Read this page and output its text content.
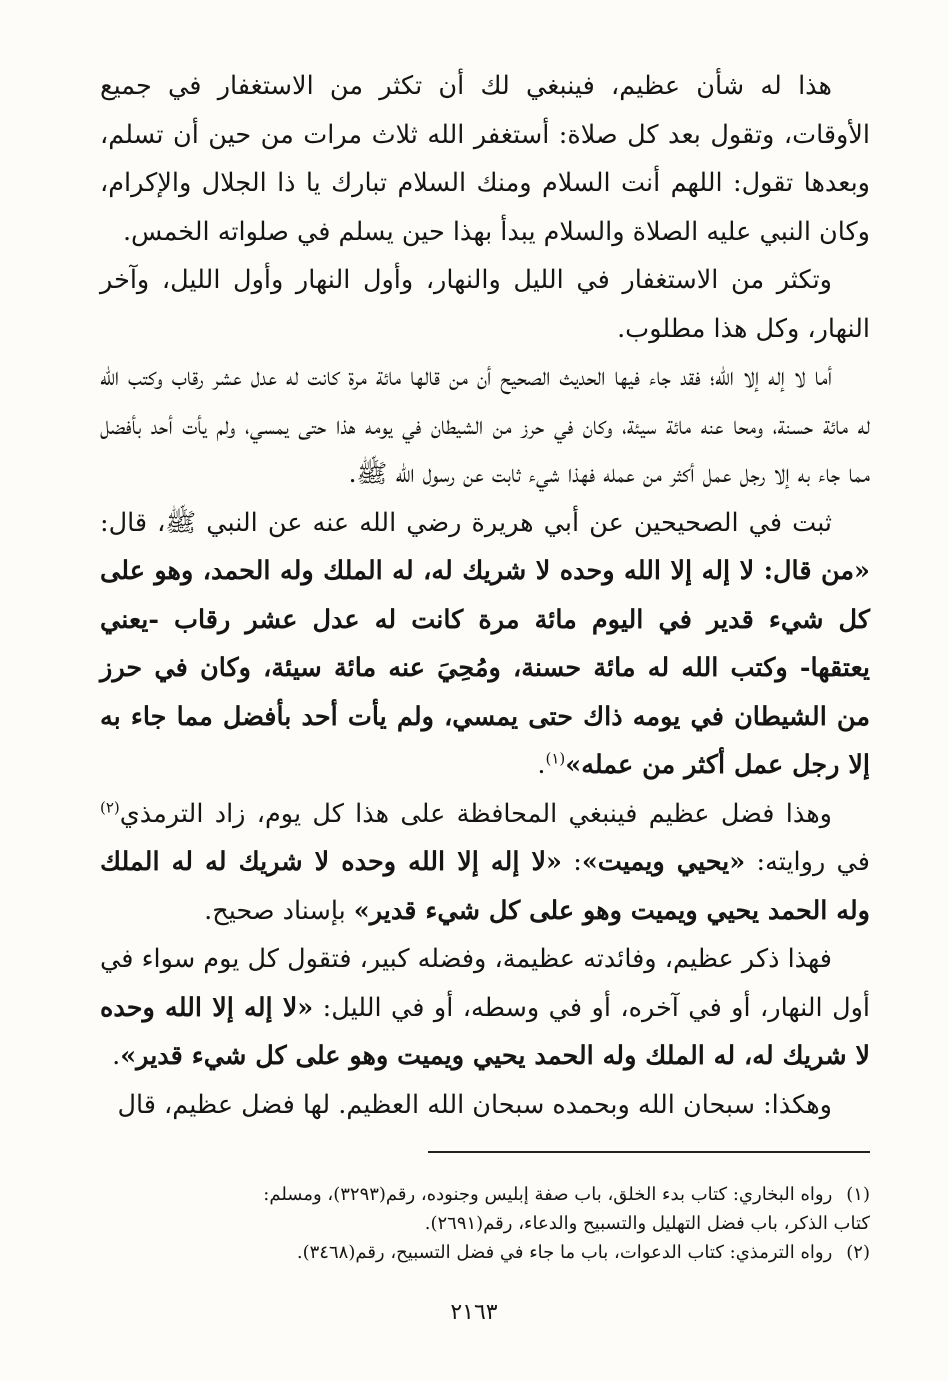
هذا له شأن عظيم، فينبغي لك أن تكثر من الاستغفار في جميع الأوقات، وتقول بعد كل صلاة: أستغفر الله ثلاث مرات من حين أن تسلم، وبعدها تقول: اللهم أنت السلام ومنك السلام تبارك يا ذا الجلال والإكرام، وكان النبي عليه الصلاة والسلام يبدأ بهذا حين يسلم في صلواته الخمس.

وتكثر من الاستغفار في الليل والنهار، وأول النهار وأول الليل، وآخر النهار، وكل هذا مطلوب.

أما لا إله إلا الله؛ فقد جاء فيها الحديث الصحيح أن من قالها مائة مرة كانت له عدل عشر رقاب وكتب الله له مائة حسنة، ومحا عنه مائة سيئة، وكان في حرز من الشيطان في يومه هذا حتى يمسي، ولم يأت أحد بأفضل مما جاء به إلا رجل عمل أكثر من عمله فهذا شيء ثابت عن رسول الله ﷺ.

ثبت في الصحيحين عن أبي هريرة رضي الله عنه عن النبي ﷺ، قال: «من قال: لا إله إلا الله وحده لا شريك له، له الملك وله الحمد، وهو على كل شيء قدير في اليوم مائة مرة كانت له عدل عشر رقاب -يعني يعتقها- وكتب الله له مائة حسنة، ومُحِيَ عنه مائة سيئة، وكان في حرز من الشيطان في يومه ذاك حتى يمسي، ولم يأت أحد بأفضل مما جاء به إلا رجل عمل أكثر من عمله»$^{(١)}$.

وهذا فضل عظيم فينبغي المحافظة على هذا كل يوم، زاد الترمذي$^{(٢)}$ في روايته: «يحيي ويميت»: «لا إله إلا الله وحده لا شريك له له الملك وله الحمد يحيي ويميت وهو على كل شيء قدير» بإسناد صحيح.

فهذا ذكر عظيم، وفائدته عظيمة، وفضله كبير، فتقول كل يوم سواء في أول النهار، أو في آخره، أو في وسطه، أو في الليل: «لا إله إلا الله وحده لا شريك له، له الملك وله الحمد يحيي ويميت وهو على كل شيء قدير».

وهكذا: سبحان الله وبحمده سبحان الله العظيم. لها فضل عظيم، قال

(١)رواه البخاري: كتاب بدء الخلق، باب صفة إبليس وجنوده، رقم(٣٢٩٣)، ومسلم:

كتاب الذكر، باب فضل التهليل والتسبيح والدعاء، رقم(٢٦٩١).

(٢)رواه الترمذي: كتاب الدعوات، باب ما جاء في فضل التسبيح، رقم(٣٤٦٨).

٢١٦٣
